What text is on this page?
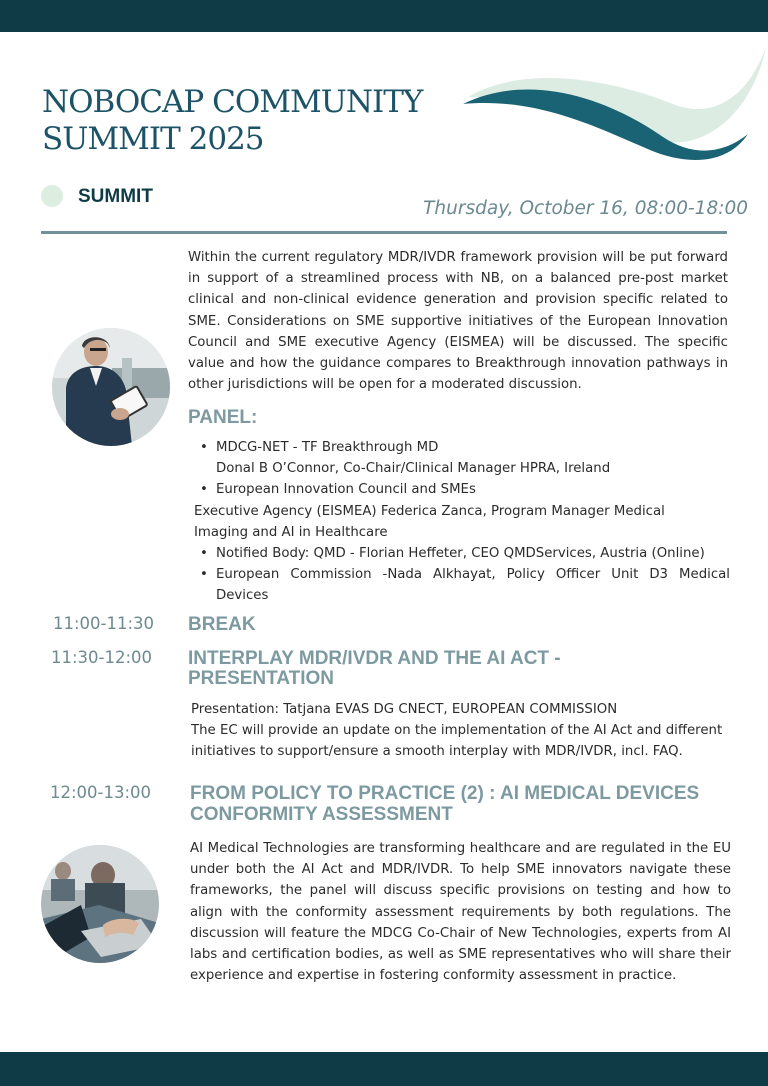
NOBOCAP COMMUNITY
SUMMIT 2025
SUMMIT
Thursday, October 16, 08:00-18:00

Within the current regulatory MDR/IVDR framework provision will be put forward in support of a streamlined process with NB, on a balanced pre-post market clinical and non-clinical evidence generation and provision specific related to SME. Considerations on SME supportive initiatives of the European Innovation Council and SME executive Agency (EISMEA) will be discussed. The specific value and how the guidance compares to Breakthrough innovation pathways in other jurisdictions will be open for a moderated discussion.

PANEL:
• MDCG-NET - TF Breakthrough MD
Donal B O’Connor, Co-Chair/Clinical Manager HPRA, Ireland
• European Innovation Council and SMEs
Executive Agency (EISMEA) Federica Zanca, Program Manager Medical
Imaging and AI in Healthcare
• Notified Body: QMD - Florian Heffeter, CEO QMDServices, Austria (Online)
• European Commission -Nada Alkhayat, Policy Officer Unit D3 Medical Devices
11:00-11:30 BREAK
11:30-12:00 INTERPLAY MDR/IVDR AND THE AI ACT - PRESENTATION
Presentation: Tatjana EVAS DG CNECT, EUROPEAN COMMISSION
The EC will provide an update on the implementation of the AI Act and different initiatives to support/ensure a smooth interplay with MDR/IVDR, incl. FAQ.
12:00-13:00 FROM POLICY TO PRACTICE (2) : AI MEDICAL DEVICES CONFORMITY ASSESSMENT

AI Medical Technologies are transforming healthcare and are regulated in the EU under both the AI Act and MDR/IVDR. To help SME innovators navigate these frameworks, the panel will discuss specific provisions on testing and how to align with the conformity assessment requirements by both regulations. The discussion will feature the MDCG Co-Chair of New Technologies, experts from AI labs and certification bodies, as well as SME representatives who will share their experience and expertise in fostering conformity assessment in practice.
